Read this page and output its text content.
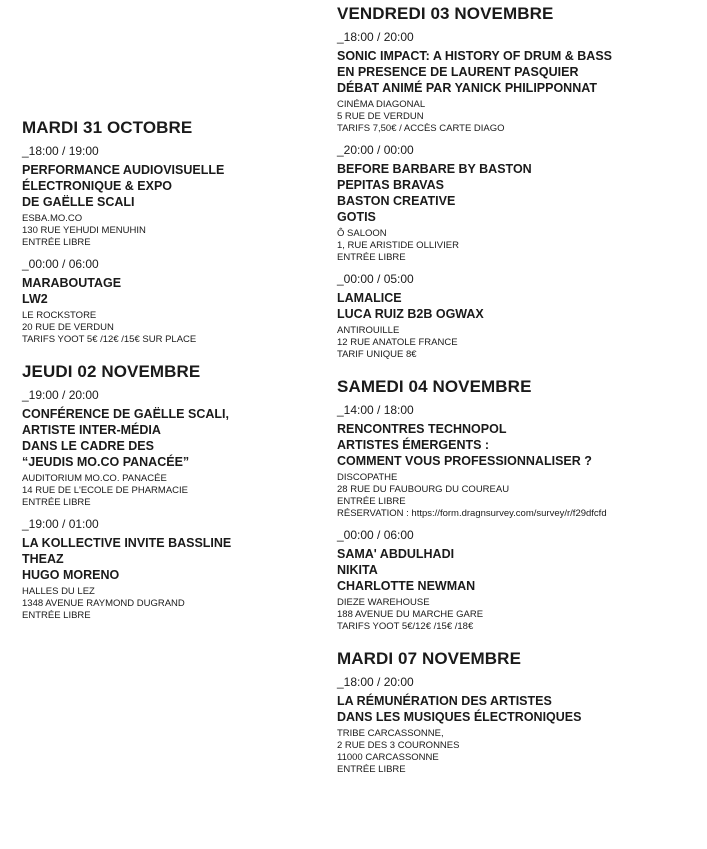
MARDI 31 OCTOBRE
_18:00 / 19:00
PERFORMANCE AUDIOVISUELLE
ÉLECTRONIQUE & EXPO
DE GAËLLE SCALI
ESBA.MO.CO
130 RUE YEHUDI MENUHIN
ENTRÉE LIBRE
_00:00 / 06:00
MARABOUTAGE
LW2
LE ROCKSTORE
20 RUE DE VERDUN
TARIFS YOOT 5€ /12€ /15€ SUR PLACE
JEUDI 02 NOVEMBRE
_19:00 / 20:00
CONFÉRENCE DE GAËLLE SCALI,
ARTISTE INTER-MÉDIA
DANS LE CADRE DES
“JEUDIS MO.CO PANACÉE”
AUDITORIUM MO.CO. PANACÉE
14 RUE DE L'ECOLE DE PHARMACIE
ENTRÉE LIBRE
_19:00 / 01:00
LA KOLLECTIVE INVITE BASSLINE
THEAZ
HUGO MORENO
HALLES DU LEZ
1348 AVENUE RAYMOND DUGRAND
ENTRÉE LIBRE
VENDREDI 03 NOVEMBRE
_18:00 / 20:00
SONIC IMPACT: A HISTORY OF DRUM & BASS
EN PRESENCE DE LAURENT PASQUIER
DÉBAT ANIMÉ PAR YANICK PHILIPPONNAT
CINÉMA DIAGONAL
5 RUE DE VERDUN
TARIFS 7,50€ / ACCÈS CARTE DIAGO
_20:00 / 00:00
BEFORE BARBARE BY BASTON
PEPITAS BRAVAS
BASTON CREATIVE
GOTIS
Ô SALOON
1, RUE ARISTIDE OLLIVIER
ENTRÉE LIBRE
_00:00 / 05:00
LAMALICE
LUCA RUIZ B2B OGWAX
ANTIROUILLE
12 RUE ANATOLE FRANCE
TARIF UNIQUE 8€
SAMEDI 04 NOVEMBRE
_14:00 / 18:00
RENCONTRES TECHNOPOL
ARTISTES ÉMERGENTS :
COMMENT VOUS PROFESSIONNALISER ?
DISCOPATHE
28 RUE DU FAUBOURG DU COUREAU
ENTRÉE LIBRE
RÉSERVATION : https://form.dragnsurvey.com/survey/r/f29dfcfd
_00:00 / 06:00
SAMA' ABDULHADI
NIKITA
CHARLOTTE NEWMAN
DIEZE WAREHOUSE
188 AVENUE DU MARCHE GARE
TARIFS YOOT 5€/12€ /15€ /18€
MARDI 07 NOVEMBRE
_18:00 / 20:00
LA RÉMUNÉRATION DES ARTISTES
DANS LES MUSIQUES ÉLECTRONIQUES
TRIBE CARCASSONNE,
2 RUE DES 3 COURONNES
11000 CARCASSONNE
ENTRÉE LIBRE
